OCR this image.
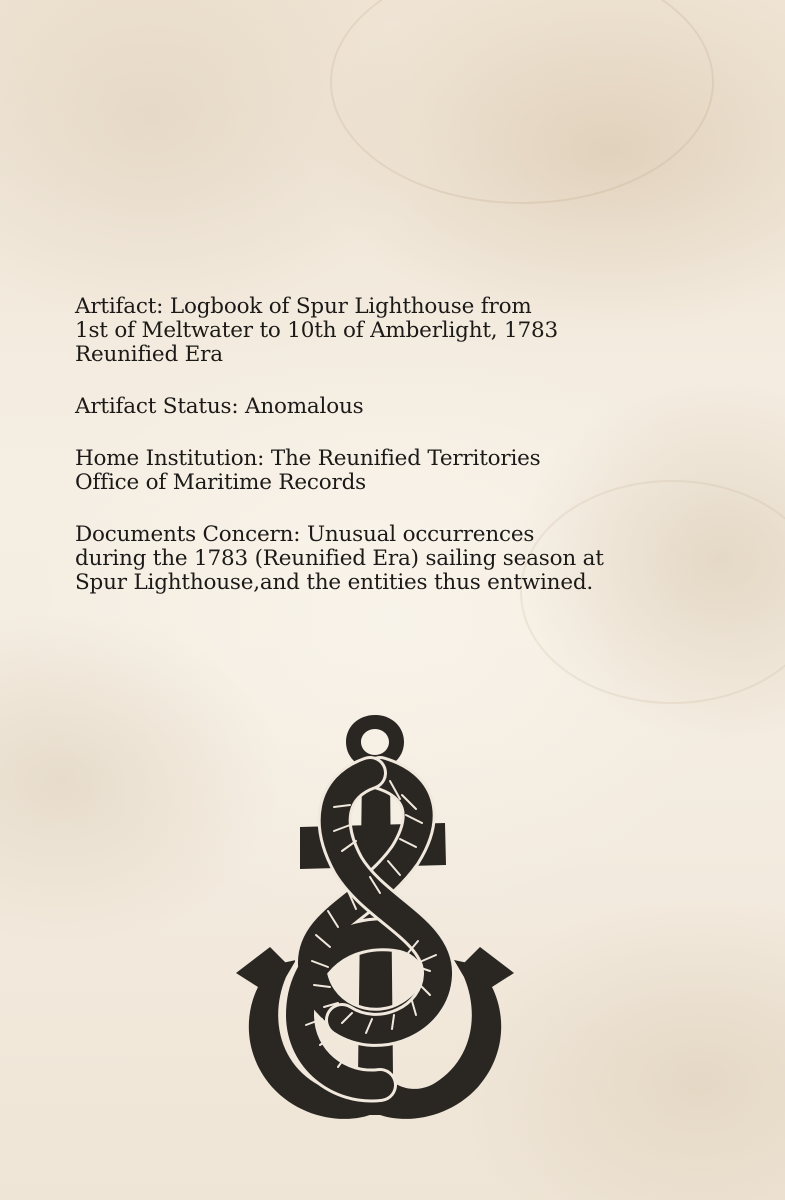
Artifact: Logbook of Spur Lighthouse from
1st of Meltwater to 10th of Amberlight, 1783
Reunified Era
Artifact Status: Anomalous
Home Institution: The Reunified Territories
Office of Maritime Records
Documents Concern: Unusual occurrences
during the 1783 (Reunified Era) sailing season at
Spur Lighthouse,and the entities thus entwined.
